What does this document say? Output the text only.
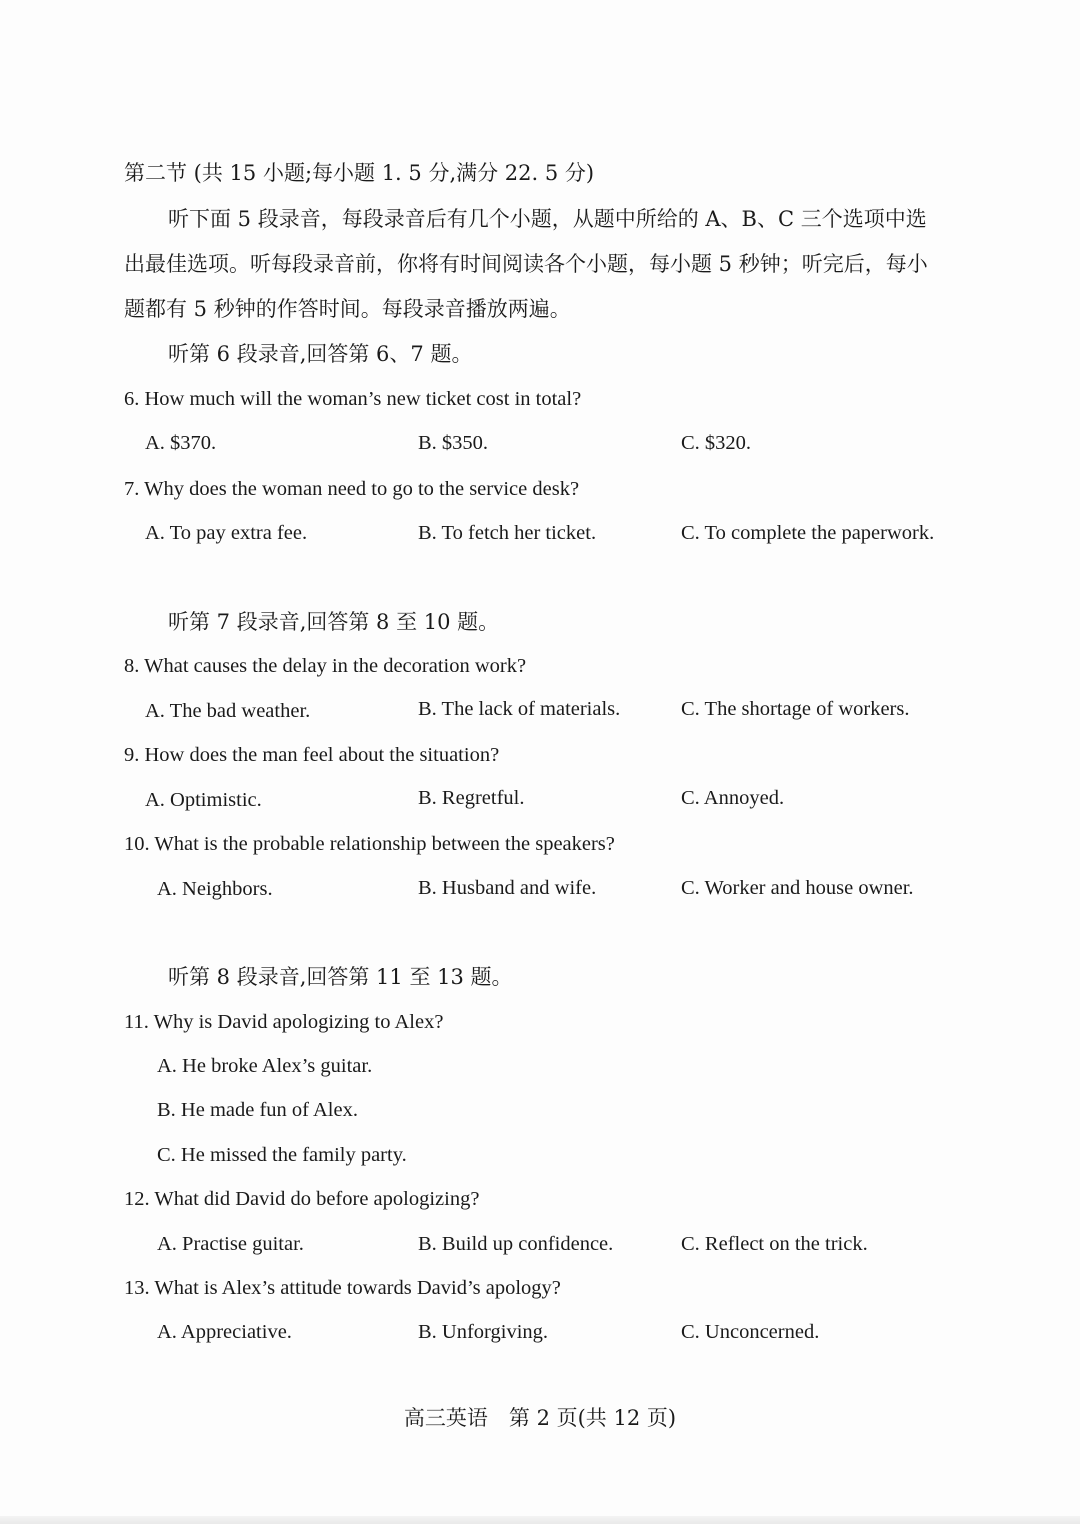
第二节 (共 15 小题;每小题 1. 5 分,满分 22. 5 分)
听下面 5 段录音，每段录音后有几个小题，从题中所给的 A、B、C 三个选项中选
出最佳选项。听每段录音前，你将有时间阅读各个小题，每小题 5 秒钟；听完后，每小
题都有 5 秒钟的作答时间。每段录音播放两遍。
听第 6 段录音,回答第 6、7 题。
6. How much will the woman’s new ticket cost in total?
A. $370.	B. $350.	C. $320.
7. Why does the woman need to go to the service desk?
A. To pay extra fee.	B. To fetch her ticket.	C. To complete the paperwork.
听第 7 段录音,回答第 8 至 10 题。
8. What causes the delay in the decoration work?
A. The bad weather.	B. The lack of materials.	C. The shortage of workers.
9. How does the man feel about the situation?
A. Optimistic.	B. Regretful.	C. Annoyed.
10. What is the probable relationship between the speakers?
A. Neighbors.	B. Husband and wife.	C. Worker and house owner.
听第 8 段录音,回答第 11 至 13 题。
11. Why is David apologizing to Alex?
A. He broke Alex’s guitar.
B. He made fun of Alex.
C. He missed the family party.
12. What did David do before apologizing?
A. Practise guitar.	B. Build up confidence.	C. Reflect on the trick.
13. What is Alex’s attitude towards David’s apology?
A. Appreciative.	B. Unforgiving.	C. Unconcerned.
高三英语　第 2 页(共 12 页)
